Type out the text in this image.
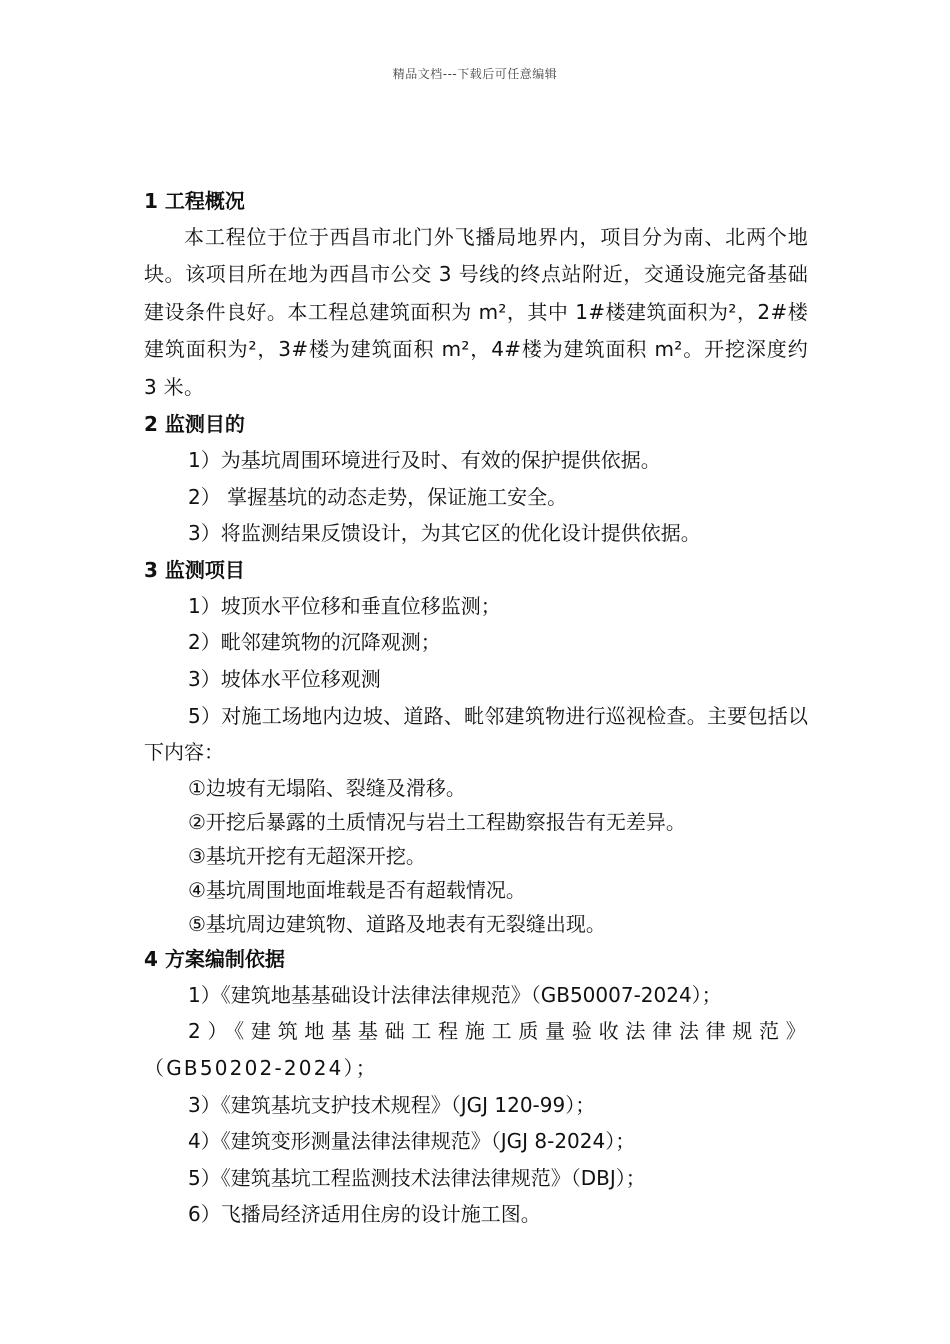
精品文档---下载后可任意编辑

1 工程概况

本工程位于位于西昌市北门外飞播局地界内，项目分为南、北两个地块。该项目所在地为西昌市公交 3 号线的终点站附近，交通设施完备基础建设条件良好。本工程总建筑面积为 m²，其中 1#楼建筑面积为²，2#楼建筑面积为²，3#楼为建筑面积 m²，4#楼为建筑面积 m²。开挖深度约 3 米。

2 监测目的

1）为基坑周围环境进行及时、有效的保护提供依据。

2） 掌握基坑的动态走势，保证施工安全。

3）将监测结果反馈设计，为其它区的优化设计提供依据。

3 监测项目

1）坡顶水平位移和垂直位移监测；

2）毗邻建筑物的沉降观测；

3）坡体水平位移观测

5）对施工场地内边坡、道路、毗邻建筑物进行巡视检查。主要包括以下内容：

①边坡有无塌陷、裂缝及滑移。

②开挖后暴露的土质情况与岩土工程勘察报告有无差异。

③基坑开挖有无超深开挖。

④基坑周围地面堆载是否有超载情况。

⑤基坑周边建筑物、道路及地表有无裂缝出现。

4 方案编制依据

1）《建筑地基基础设计法律法律规范》（GB50007-2024）；

2）《建筑地基基础工程施工质量验收法律法律规范》（GB50202-2024）；

3）《建筑基坑支护技术规程》（JGJ 120-99）；

4）《建筑变形测量法律法律规范》（JGJ 8-2024）；

5）《建筑基坑工程监测技术法律法律规范》（DBJ）；

6）飞播局经济适用住房的设计施工图。
